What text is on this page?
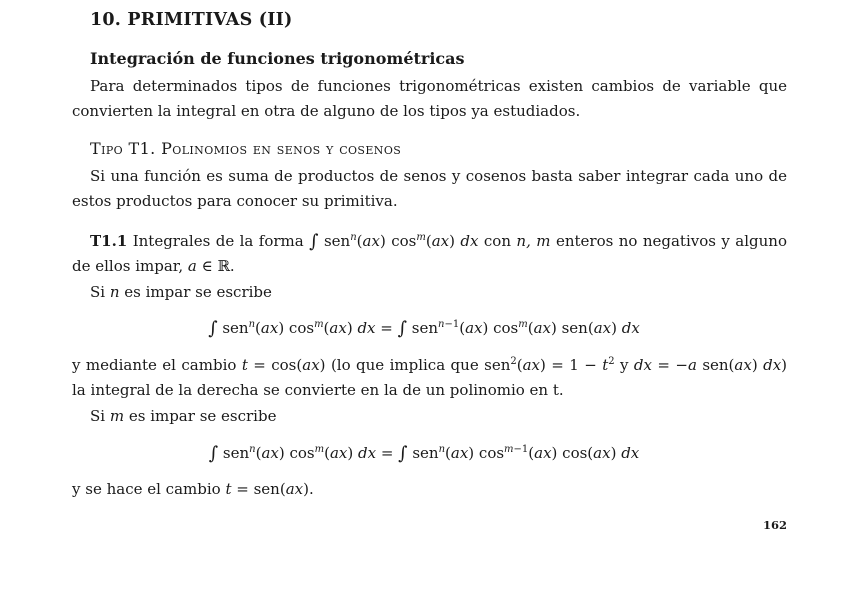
10. PRIMITIVAS (II)
Integración de funciones trigonométricas
Para determinados tipos de funciones trigonométricas existen cambios de variable que convierten la integral en otra de alguno de los tipos ya estudiados.
Tipo T1. Polinomios en senos y cosenos
Si una función es suma de productos de senos y cosenos basta saber integrar cada uno de estos productos para conocer su primitiva.
T1.1 Integrales de la forma ∫ sen$^n$(ax) $\cos^m(ax)$ dx con n, m enteros no negativos y alguno de ellos impar, a ∈ ℝ.
Si n es impar se escribe
∫ sen$^n$(ax) $\cos^m(ax)$ dx = ∫ sen$^{n-1}$(ax) $\cos^m(ax)$ sen(ax) dx
y mediante el cambio t = cos(ax) (lo que implica que $sen^2(ax) = 1 - t^2$ y dx = −a sen(ax) dx) la integral de la derecha se convierte en la de un polinomio en t.
Si m es impar se escribe
∫ sen$^n$(ax) $\cos^m(ax)$ dx = ∫ sen$^n$(ax) $\cos^{m-1}(ax)$ cos(ax) dx
y se hace el cambio t = sen(ax).
162
